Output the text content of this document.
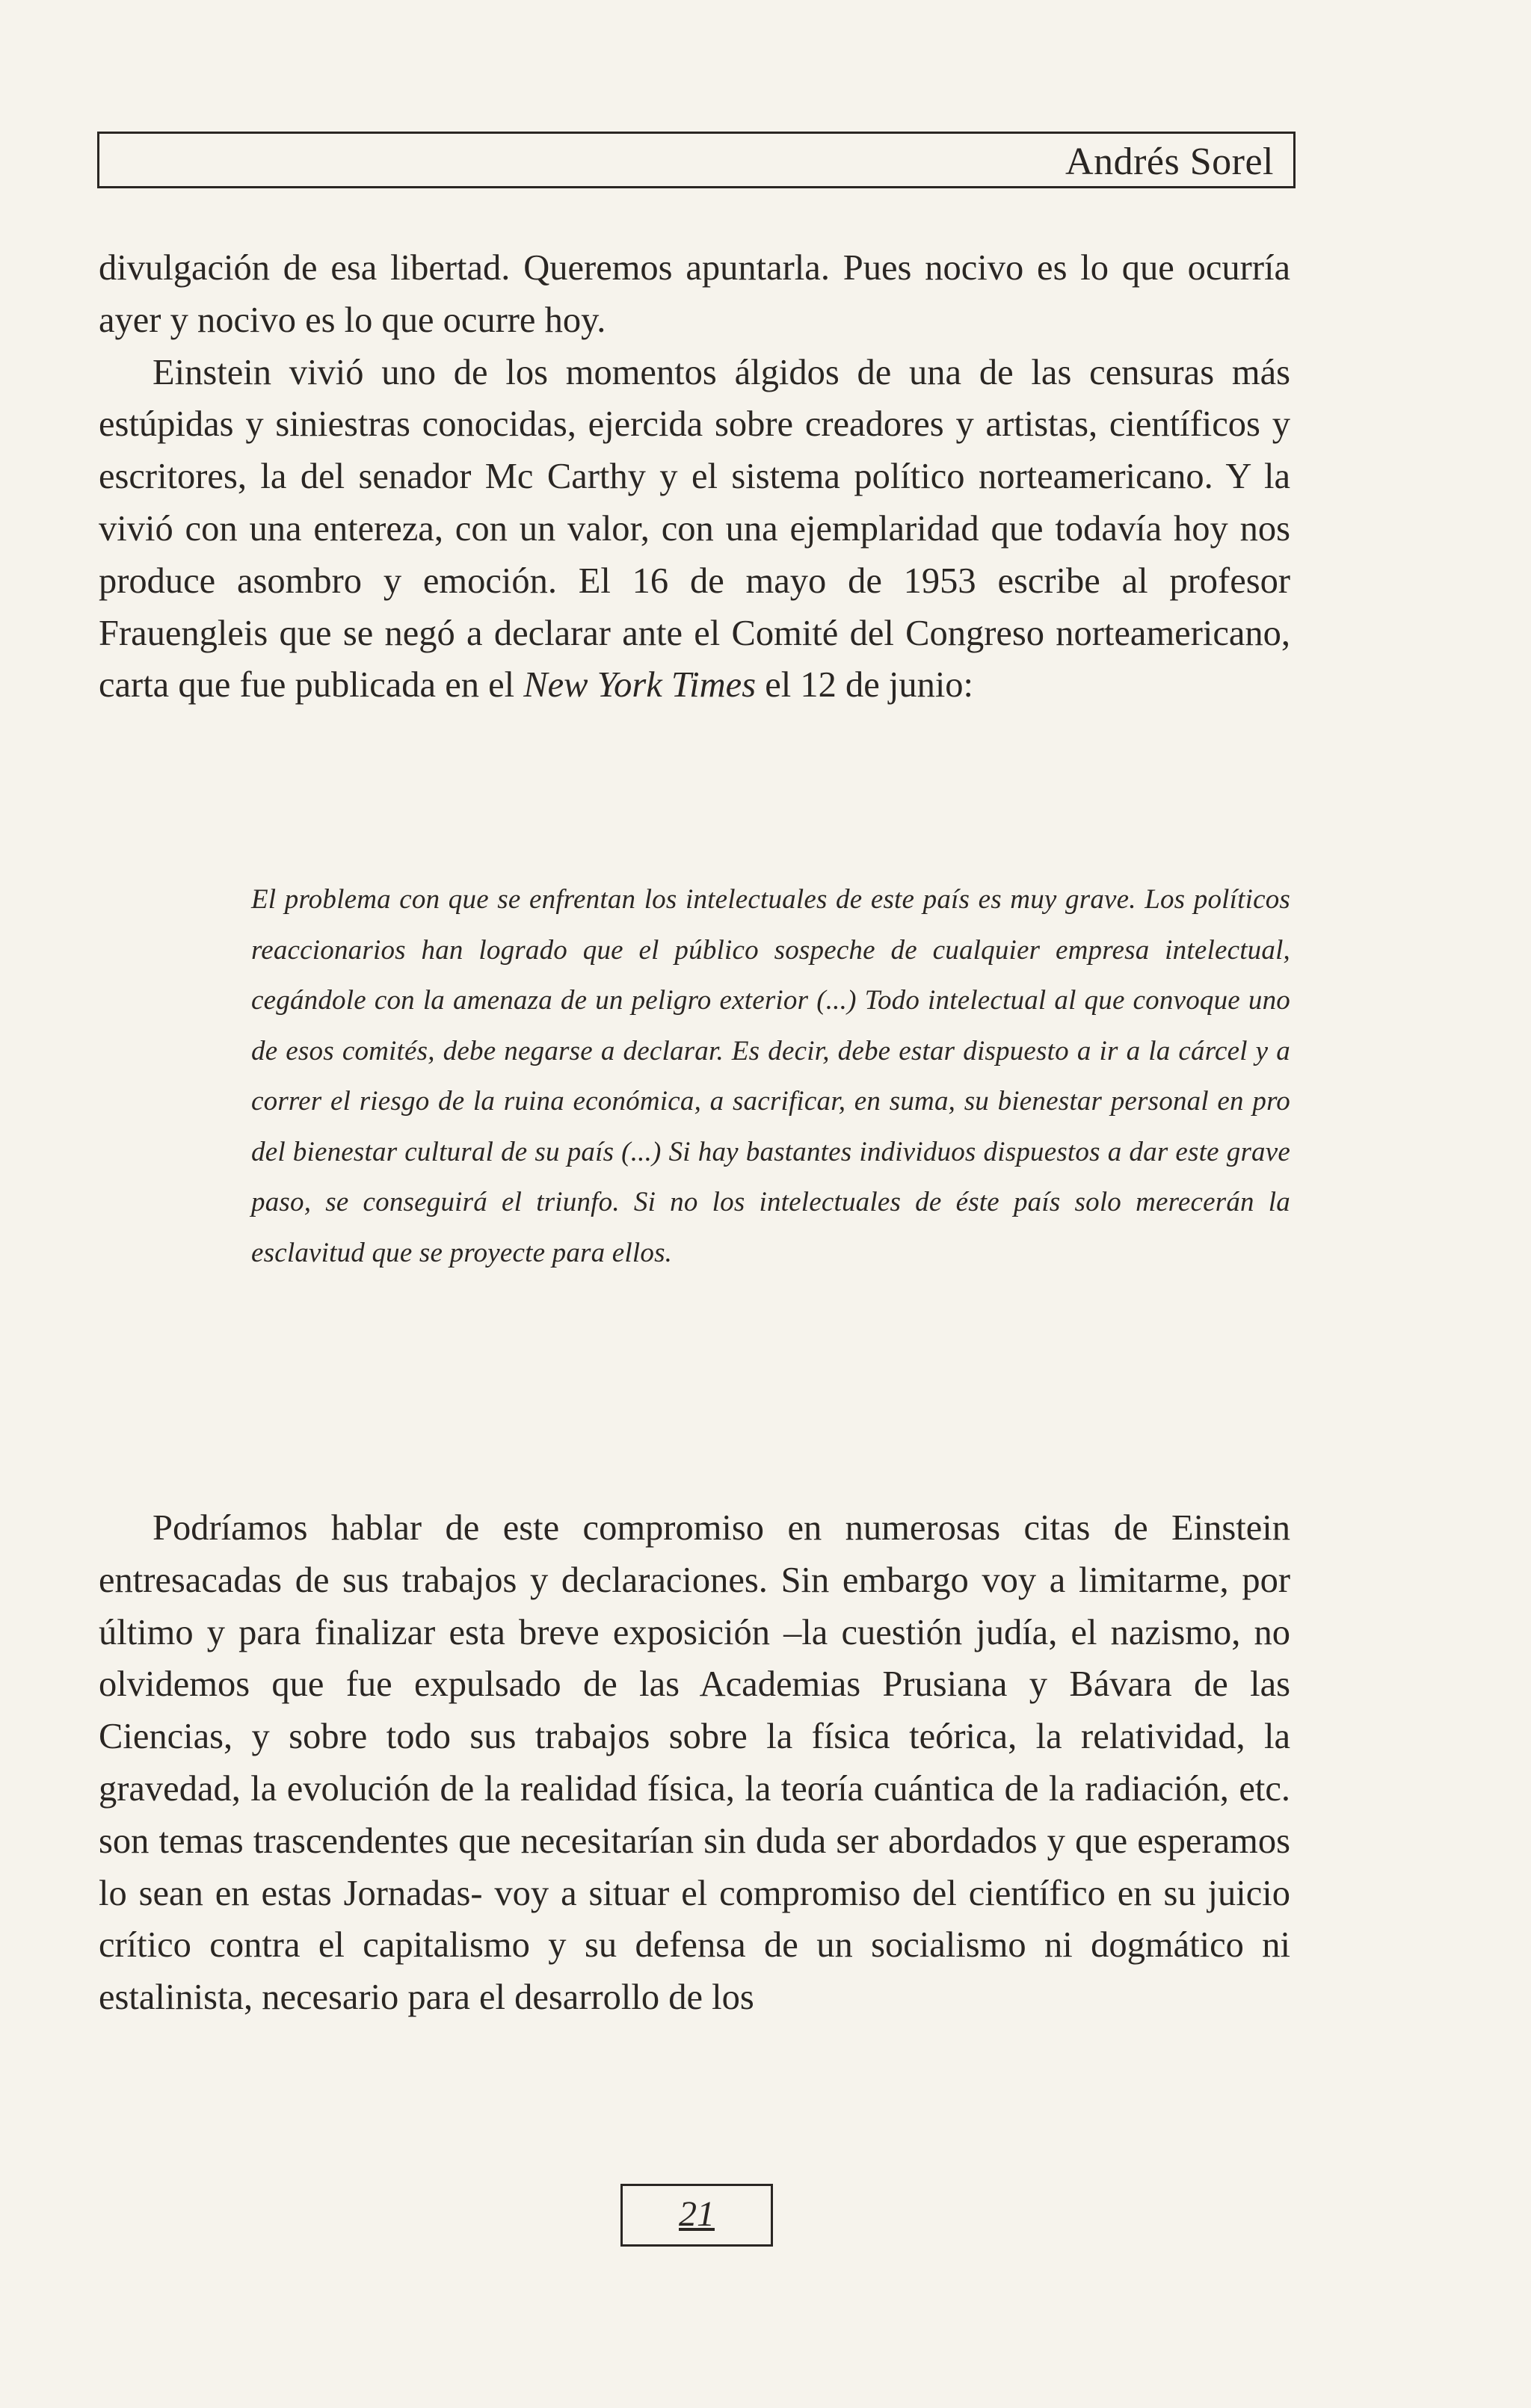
Andrés Sorel

divulgación de esa libertad. Queremos apuntarla. Pues nocivo es lo que ocurría ayer y nocivo es lo que ocurre hoy.

Einstein vivió uno de los momentos álgidos de una de las censuras más estúpidas y siniestras conocidas, ejercida sobre creadores y artistas, científicos y escritores, la del senador Mc Carthy y el sistema político norteamericano. Y la vivió con una entereza, con un valor, con una ejemplaridad que todavía hoy nos produce asombro y emoción. El 16 de mayo de 1953 escribe al profesor Frauengleis que se negó a declarar ante el Comité del Congreso norteamericano, carta que fue publicada en el New York Times el 12 de junio:

El problema con que se enfrentan los intelectuales de este país es muy grave. Los políticos reaccionarios han logrado que el público sospeche de cualquier empresa intelectual, cegándole con la amenaza de un peligro exterior (...) Todo intelectual al que convoque uno de esos comités, debe negarse a declarar. Es decir, debe estar dispuesto a ir a la cárcel y a correr el riesgo de la ruina económica, a sacrificar, en suma, su bienestar personal en pro del bienestar cultural de su país (...) Si hay bastantes individuos dispuestos a dar este grave paso, se conseguirá el triunfo. Si no los intelectuales de éste país solo merecerán la esclavitud que se proyecte para ellos.

Podríamos hablar de este compromiso en numerosas citas de Einstein entresacadas de sus trabajos y declaraciones. Sin embargo voy a limitarme, por último y para finalizar esta breve exposición –la cuestión judía, el nazismo, no olvidemos que fue expulsado de las Academias Prusiana y Bávara de las Ciencias, y sobre todo sus trabajos sobre la física teórica, la relatividad, la gravedad, la evolución de la realidad física, la teoría cuántica de la radiación, etc. son temas trascendentes que necesitarían sin duda ser abordados y que esperamos lo sean en estas Jornadas- voy a situar el compromiso del científico en su juicio crítico contra el capitalismo y su defensa de un socialismo ni dogmático ni estalinista, necesario para el desarrollo de los

21
